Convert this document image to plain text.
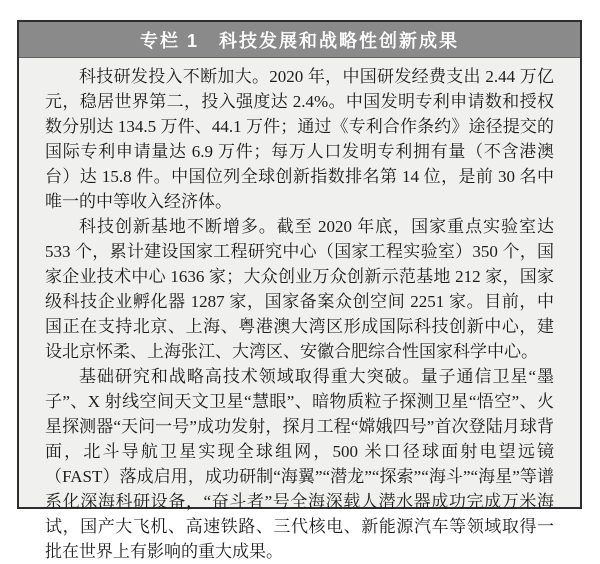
专栏 1　科技发展和战略性创新成果

科技研发投入不断加大。2020 年，中国研发经费支出 2.44 万亿元，稳居世界第二，投入强度达 2.4%。中国发明专利申请数和授权数分别达 134.5 万件、44.1 万件；通过《专利合作条约》途径提交的国际专利申请量达 6.9 万件；每万人口发明专利拥有量（不含港澳台）达 15.8 件。中国位列全球创新指数排名第 14 位，是前 30 名中唯一的中等收入经济体。

科技创新基地不断增多。截至 2020 年底，国家重点实验室达 533 个，累计建设国家工程研究中心（国家工程实验室）350 个，国家企业技术中心 1636 家；大众创业万众创新示范基地 212 家，国家级科技企业孵化器 1287 家，国家备案众创空间 2251 家。目前，中国正在支持北京、上海、粤港澳大湾区形成国际科技创新中心，建设北京怀柔、上海张江、大湾区、安徽合肥综合性国家科学中心。

基础研究和战略高技术领域取得重大突破。量子通信卫星“墨子”、X 射线空间天文卫星“慧眼”、暗物质粒子探测卫星“悟空”、火星探测器“天问一号”成功发射，探月工程“嫦娥四号”首次登陆月球背面，北斗导航卫星实现全球组网，500 米口径球面射电望远镜（FAST）落成启用，成功研制“海翼”“潜龙”“探索”“海斗”“海星”等谱系化深海科研设备，“奋斗者”号全海深载人潜水器成功完成万米海试，国产大飞机、高速铁路、三代核电、新能源汽车等领域取得一批在世界上有影响的重大成果。
